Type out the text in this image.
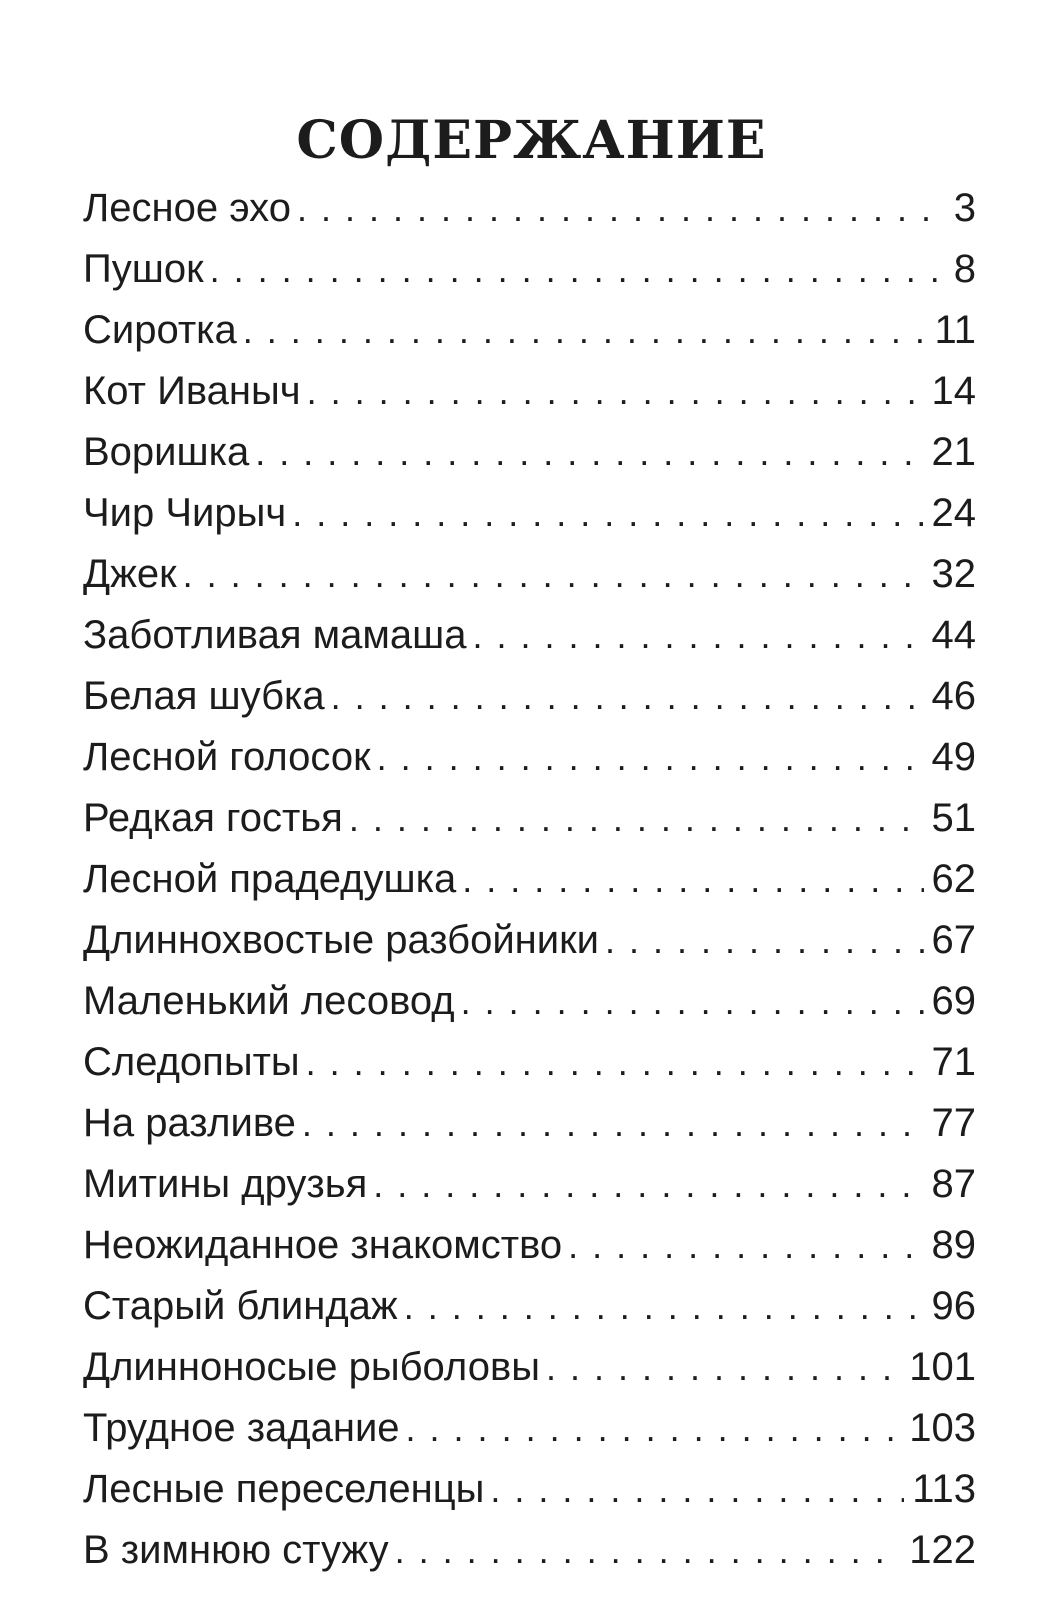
СОДЕРЖАНИЕ
Лесное эхо . . .	3
Пушок . . .	8
Сиротка . . .	11
Кот Иваныч . . .	14
Воришка . . .	21
Чир Чирыч . . .	24
Джек . . .	32
Заботливая мамаша . . .	44
Белая шубка . . .	46
Лесной голосок . . .	49
Редкая гостья . . .	51
Лесной прадедушка . . .	62
Длиннохвостые разбойники . . .	67
Маленький лесовод . . .	69
Следопыты . . .	71
На разливе . . .	77
Митины друзья . . .	87
Неожиданное знакомство . . .	89
Старый блиндаж . . .	96
Длинноносые рыболовы . . .	101
Трудное задание . . .	103
Лесные переселенцы . . .	113
В зимнюю стужу . . .	122
